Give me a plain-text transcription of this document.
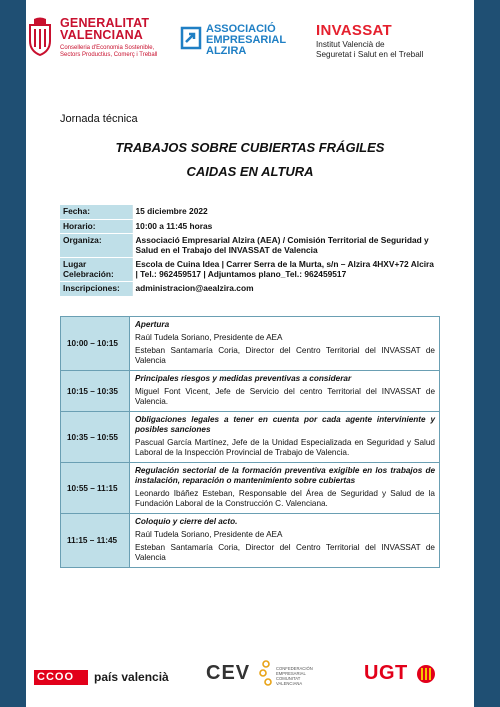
GENERALITAT
VALENCIANA
Conselleria d'Economia Sostenible, Sectors Productius, Comerç i Treball
ASSOCIACIÓ
EMPRESARIAL
ALZIRA
INVASSAT
Institut Valencià de
Seguretat i Salut en el Treball
Jornada técnica
TRABAJOS SOBRE CUBIERTAS FRÁGILES
CAIDAS EN ALTURA
Fecha:	15 diciembre 2022
Horario:	10:00 a 11:45 horas
Organiza:	Associació Empresarial Alzira (AEA) / Comisión Territorial de Seguridad y Salud en el Trabajo del INVASSAT de Valencia
Lugar Celebración:	Escola de Cuina Idea | Carrer Serra de la Murta, s/n – Alzira 4HXV+72 Alcira | Tel.: 962459517 | Adjuntamos plano_Tel.: 962459517
Inscripciones:	administracion@aealzira.com
10:00 – 10:15	Apertura
Raúl Tudela Soriano, Presidente de AEA
Esteban Santamaría Coria, Director del Centro Territorial del INVASSAT de Valencia

10:15 – 10:35	Principales riesgos y medidas preventivas a considerar
Miguel Font Vicent, Jefe de Servicio del centro Territorial del INVASSAT de Valencia.

10:35 – 10:55	Obligaciones legales a tener en cuenta por cada agente interviniente y posibles sanciones
Pascual García Martínez, Jefe de la Unidad Especializada en Seguridad y Salud Laboral de la Inspección Provincial de Trabajo de Valencia.

10:55 – 11:15	Regulación sectorial de la formación preventiva exigible en los trabajos de instalación, reparación o mantenimiento sobre cubiertas
Leonardo Ibáñez Esteban, Responsable del Área de Seguridad y Salud de la Fundación Laboral de la Construcción C. Valenciana.

11:15 – 11:45	Coloquio y cierre del acto.
Raúl Tudela Soriano, Presidente de AEA
Esteban Santamaría Coria, Director del Centro Territorial del INVASSAT de Valencia
CCOO	país valencià CEV	CONFEDERACIÓN EMPRESARIAL COMUNITAT VALENCIANA	UGT
